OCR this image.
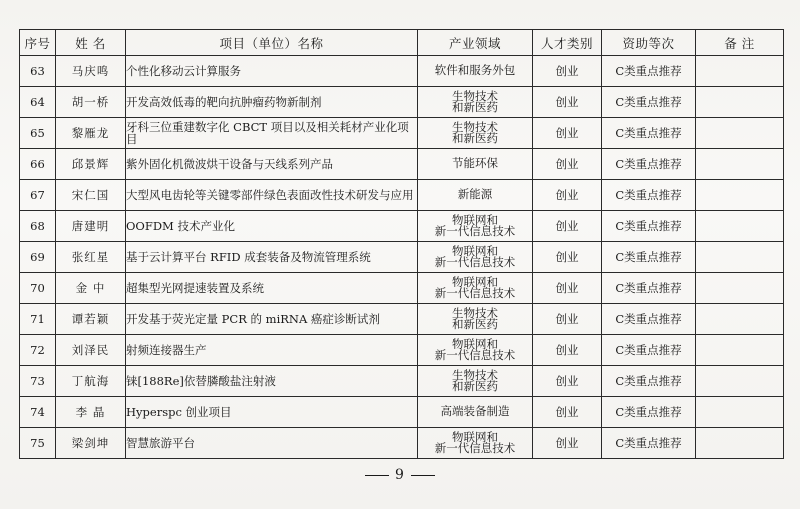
序号	姓 名	项目（单位）名称	产业领域	人才类别	资助等次	备 注
63	马庆鸣	个性化移动云计算服务	软件和服务外包	创业	C类重点推荐	
64	胡一桥	开发高效低毒的靶向抗肿瘤药物新制剂	生物技术
和新医药	创业	C类重点推荐	
65	黎雁龙	牙科三位重建数字化 CBCT 项目以及相关耗材产业化项目	生物技术
和新医药	创业	C类重点推荐	
66	邱景辉	紫外固化机微波烘干设备与天线系列产品	节能环保	创业	C类重点推荐	
67	宋仁国	大型风电齿轮等关键零部件绿色表面改性技术研发与应用	新能源	创业	C类重点推荐	
68	唐建明	OOFDM 技术产业化	物联网和
新一代信息技术	创业	C类重点推荐	
69	张红星	基于云计算平台 RFID 成套装备及物流管理系统	物联网和
新一代信息技术	创业	C类重点推荐	
70	金 中	超集型光网提速装置及系统	物联网和
新一代信息技术	创业	C类重点推荐	
71	谭若颖	开发基于荧光定量 PCR 的 miRNA 癌症诊断试剂	生物技术
和新医药	创业	C类重点推荐	
72	刘泽民	射频连接器生产	物联网和
新一代信息技术	创业	C类重点推荐	
73	丁航海	铼[188Re]依替膦酸盐注射液	生物技术
和新医药	创业	C类重点推荐	
74	李 晶	Hyperspc 创业项目	高端装备制造	创业	C类重点推荐	
75	梁剑坤	智慧旅游平台	物联网和
新一代信息技术	创业	C类重点推荐	
9
